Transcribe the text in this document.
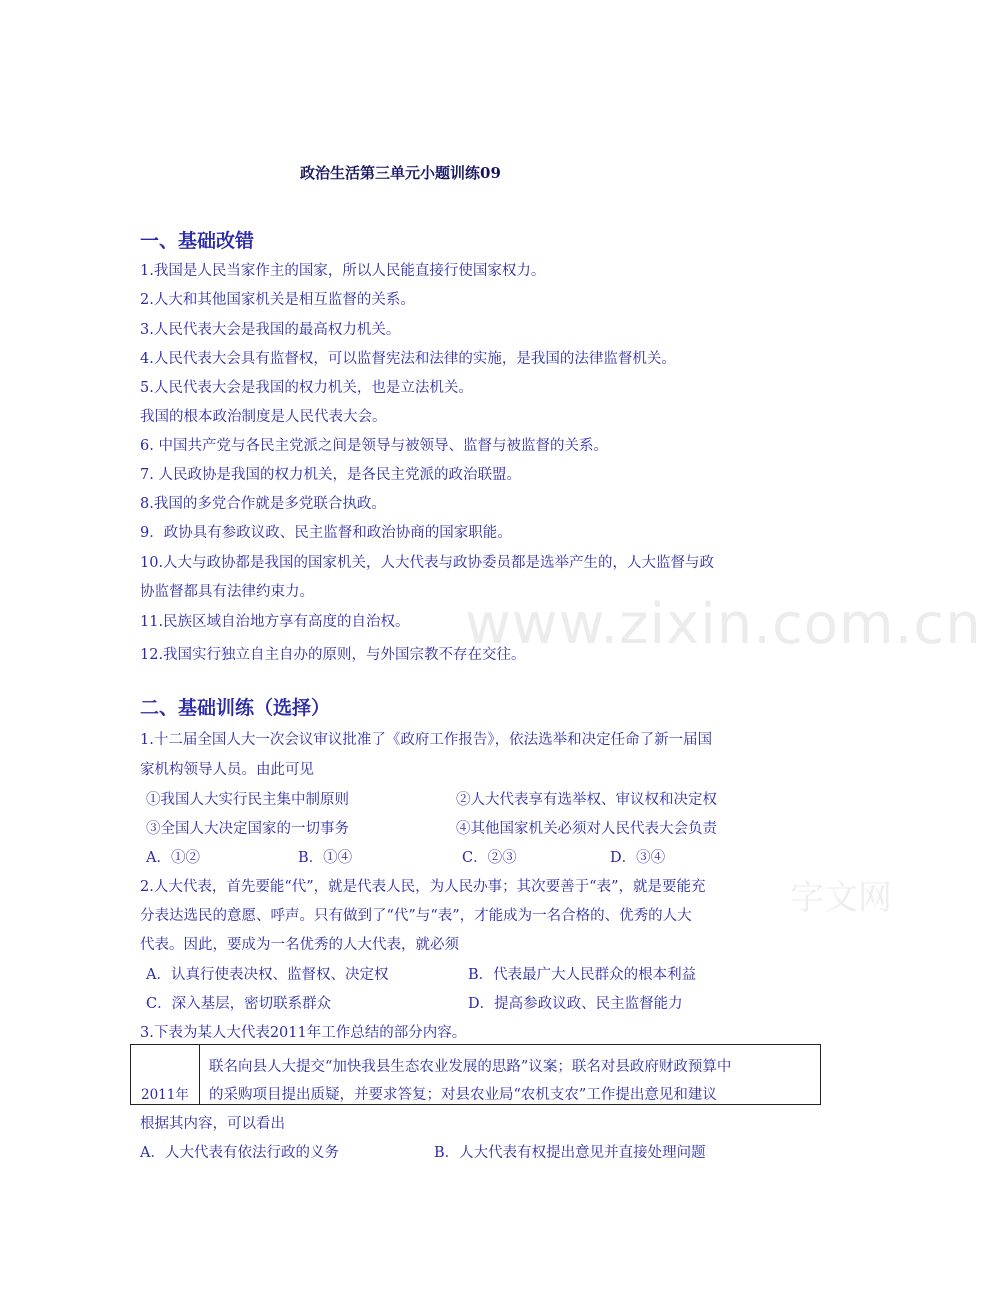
www.zixin.com.cn
字文网
政治生活第三单元小题训练09
一、基础改错
1.我国是人民当家作主的国家，所以人民能直接行使国家权力。
2.人大和其他国家机关是相互监督的关系。
3.人民代表大会是我国的最高权力机关。
4.人民代表大会具有监督权，可以监督宪法和法律的实施，是我国的法律监督机关。
5.人民代表大会是我国的权力机关，也是立法机关。
我国的根本政治制度是人民代表大会。
6. 中国共产党与各民主党派之间是领导与被领导、监督与被监督的关系。
7. 人民政协是我国的权力机关，是各民主党派的政治联盟。
8.我国的多党合作就是多党联合执政。
9．政协具有参政议政、民主监督和政治协商的国家职能。
10.人大与政协都是我国的国家机关，人大代表与政协委员都是选举产生的，人大监督与政
协监督都具有法律约束力。
11.民族区域自治地方享有高度的自治权。
12.我国实行独立自主自办的原则，与外国宗教不存在交往。
二、基础训练（选择）
1.十二届全国人大一次会议审议批准了《政府工作报告》，依法选举和决定任命了新一届国
家机构领导人员。由此可见
①我国人大实行民主集中制原则	②人大代表享有选举权、审议权和决定权
③全国人大决定国家的一切事务	④其他国家机关必须对人民代表大会负责
A．①②	B．①④	C．②③	D．③④
2.人大代表，首先要能“代”，就是代表人民，为人民办事；其次要善于“表”，就是要能充
分表达选民的意愿、呼声。只有做到了“代”与“表”，才能成为一名合格的、优秀的人大
代表。因此，要成为一名优秀的人大代表，就必须
A．认真行使表决权、监督权、决定权	B．代表最广大人民群众的根本利益
C．深入基层，密切联系群众	D．提高参政议政、民主监督能力
3.下表为某人大代表2011年工作总结的部分内容。
2011年
联名向县人大提交“加快我县生态农业发展的思路”议案；联名对县政府财政预算中
的采购项目提出质疑，并要求答复；对县农业局“农机支农”工作提出意见和建议
根据其内容，可以看出
A．人大代表有依法行政的义务	B．人大代表有权提出意见并直接处理问题
